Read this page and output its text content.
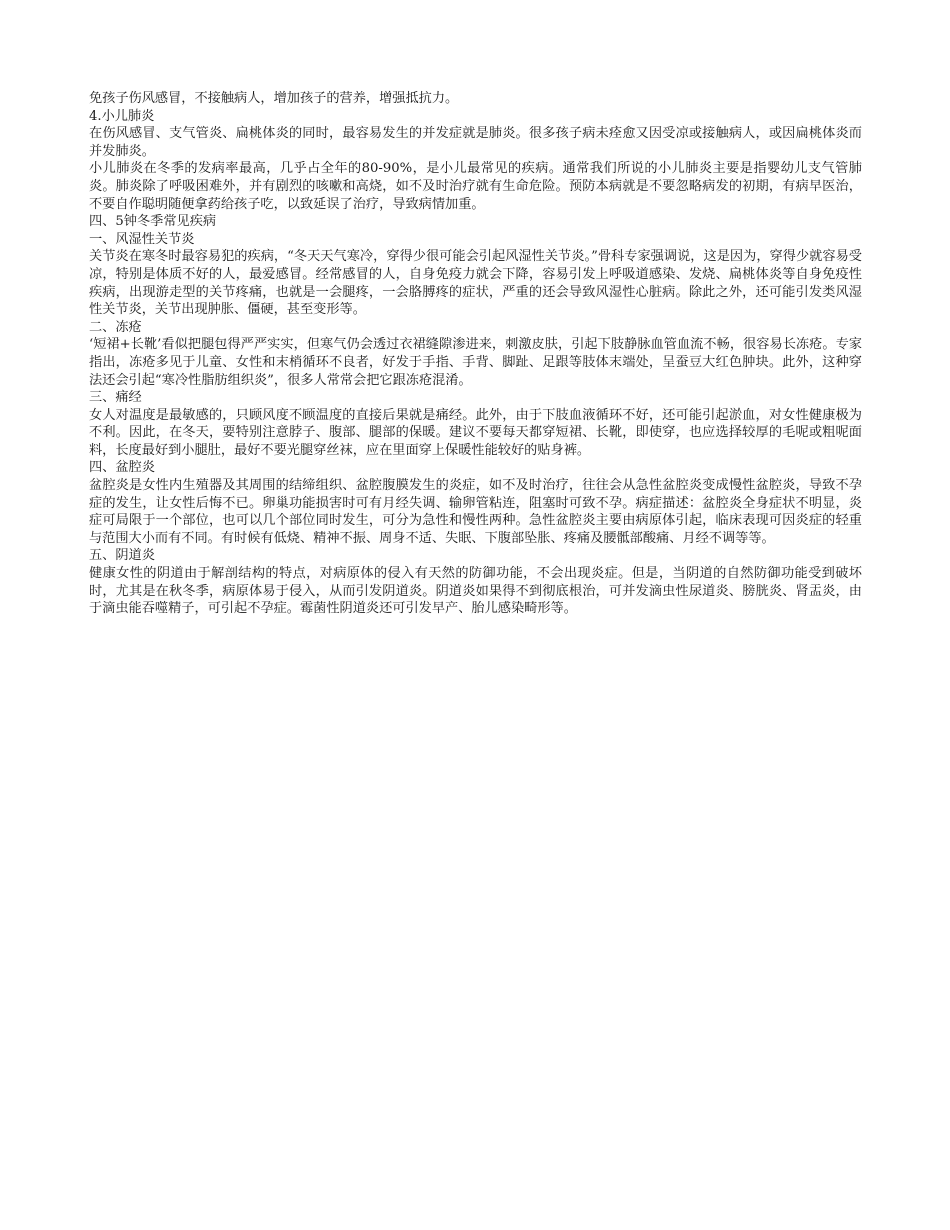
免孩子伤风感冒，不接触病人，增加孩子的营养，增强抵抗力。

4.小儿肺炎

在伤风感冒、支气管炎、扁桃体炎的同时，最容易发生的并发症就是肺炎。很多孩子病未痊愈又因受凉或接触病人，或因扁桃体炎而并发肺炎。

小儿肺炎在冬季的发病率最高，几乎占全年的80-90%，是小儿最常见的疾病。通常我们所说的小儿肺炎主要是指婴幼儿支气管肺炎。肺炎除了呼吸困难外，并有剧烈的咳嗽和高烧，如不及时治疗就有生命危险。预防本病就是不要忽略病发的初期，有病早医治，不要自作聪明随便拿药给孩子吃，以致延误了治疗，导致病情加重。

四、5钟冬季常见疾病

一、风湿性关节炎

关节炎在寒冬时最容易犯的疾病，“冬天天气寒冷，穿得少很可能会引起风湿性关节炎。”骨科专家强调说，这是因为，穿得少就容易受凉，特别是体质不好的人，最爱感冒。经常感冒的人，自身免疫力就会下降，容易引发上呼吸道感染、发烧、扁桃体炎等自身免疫性疾病，出现游走型的关节疼痛，也就是一会腿疼，一会胳膊疼的症状，严重的还会导致风湿性心脏病。除此之外，还可能引发类风湿性关节炎，关节出现肿胀、僵硬，甚至变形等。

二、冻疮

‘短裙+长靴’看似把腿包得严严实实，但寒气仍会透过衣裙缝隙渗进来，刺激皮肤，引起下肢静脉血管血流不畅，很容易长冻疮。专家指出，冻疮多见于儿童、女性和末梢循环不良者，好发于手指、手背、脚趾、足跟等肢体末端处，呈蚕豆大红色肿块。此外，这种穿法还会引起“寒冷性脂肪组织炎”，很多人常常会把它跟冻疮混淆。

三、痛经

女人对温度是最敏感的，只顾风度不顾温度的直接后果就是痛经。此外，由于下肢血液循环不好，还可能引起淤血，对女性健康极为不利。因此，在冬天，要特别注意脖子、腹部、腿部的保暖。建议不要每天都穿短裙、长靴，即使穿，也应选择较厚的毛呢或粗呢面料，长度最好到小腿肚，最好不要光腿穿丝袜，应在里面穿上保暖性能较好的贴身裤。

四、盆腔炎

盆腔炎是女性内生殖器及其周围的结缔组织、盆腔腹膜发生的炎症，如不及时治疗，往往会从急性盆腔炎变成慢性盆腔炎，导致不孕症的发生，让女性后悔不已。卵巢功能损害时可有月经失调、输卵管粘连，阻塞时可致不孕。病症描述：盆腔炎全身症状不明显，炎症可局限于一个部位，也可以几个部位同时发生，可分为急性和慢性两种。急性盆腔炎主要由病原体引起，临床表现可因炎症的轻重与范围大小而有不同。有时候有低烧、精神不振、周身不适、失眠、下腹部坠胀、疼痛及腰骶部酸痛、月经不调等等。

五、阴道炎

健康女性的阴道由于解剖结构的特点，对病原体的侵入有天然的防御功能，不会出现炎症。但是，当阴道的自然防御功能受到破坏时，尤其是在秋冬季，病原体易于侵入，从而引发阴道炎。阴道炎如果得不到彻底根治，可并发滴虫性尿道炎、膀胱炎、肾盂炎，由于滴虫能吞噬精子，可引起不孕症。霉菌性阴道炎还可引发早产、胎儿感染畸形等。
